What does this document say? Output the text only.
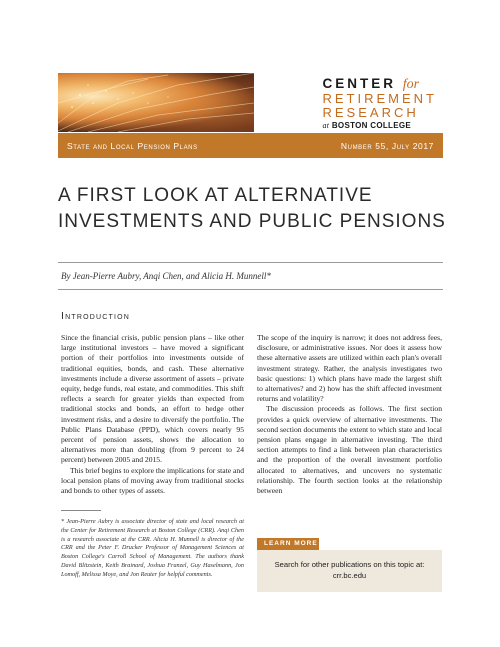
CENTER for
RETIREMENT
RESEARCH
at BOSTON COLLEGE
State and Local Pension Plans	Number 55, July 2017
A FIRST LOOK AT ALTERNATIVE
INVESTMENTS AND PUBLIC PENSIONS
By Jean-Pierre Aubry, Anqi Chen, and Alicia H. Munnell*
Introduction

Since the financial crisis, public pension plans – like other large institutional investors – have moved a significant portion of their portfolios into investments outside of traditional equities, bonds, and cash. These alternative investments include a diverse assortment of assets – private equity, hedge funds, real estate, and commodities. This shift reflects a search for greater yields than expected from traditional stocks and bonds, an effort to hedge other investment risks, and a desire to diversify the portfolio. The Public Plans Database (PPD), which covers nearly 95 percent of pension assets, shows the allocation to alternatives more than doubling (from 9 percent to 24 percent) between 2005 and 2015.

This brief begins to explore the implications for state and local pension plans of moving away from traditional stocks and bonds to other types of assets.

The scope of the inquiry is narrow; it does not address fees, disclosure, or administrative issues. Nor does it assess how these alternative assets are utilized within each plan's overall investment strategy. Rather, the analysis investigates two basic questions: 1) which plans have made the largest shift to alternatives? and 2) how has the shift affected investment returns and volatility?

The discussion proceeds as follows. The first section provides a quick overview of alternative investments. The second section documents the extent to which state and local pension plans engage in alternative investing. The third section attempts to find a link between plan characteristics and the proportion of the overall investment portfolio allocated to alternatives, and uncovers no systematic relationship. The fourth section looks at the relationship between

* Jean-Pierre Aubry is associate director of state and local research at the Center for Retirement Research at Boston College (CRR). Anqi Chen is a research associate at the CRR. Alicia H. Munnell is director of the CRR and the Peter F. Drucker Professor of Management Sciences at Boston College's Carroll School of Management. The authors thank David Blitzstein, Keith Brainard, Joshua Franzel, Guy Haselmann, Jon Lomoff, Melissa Moye, and Jon Reuter for helpful comments.
LEARN MORE
Search for other publications on this topic at:
crr.bc.edu
